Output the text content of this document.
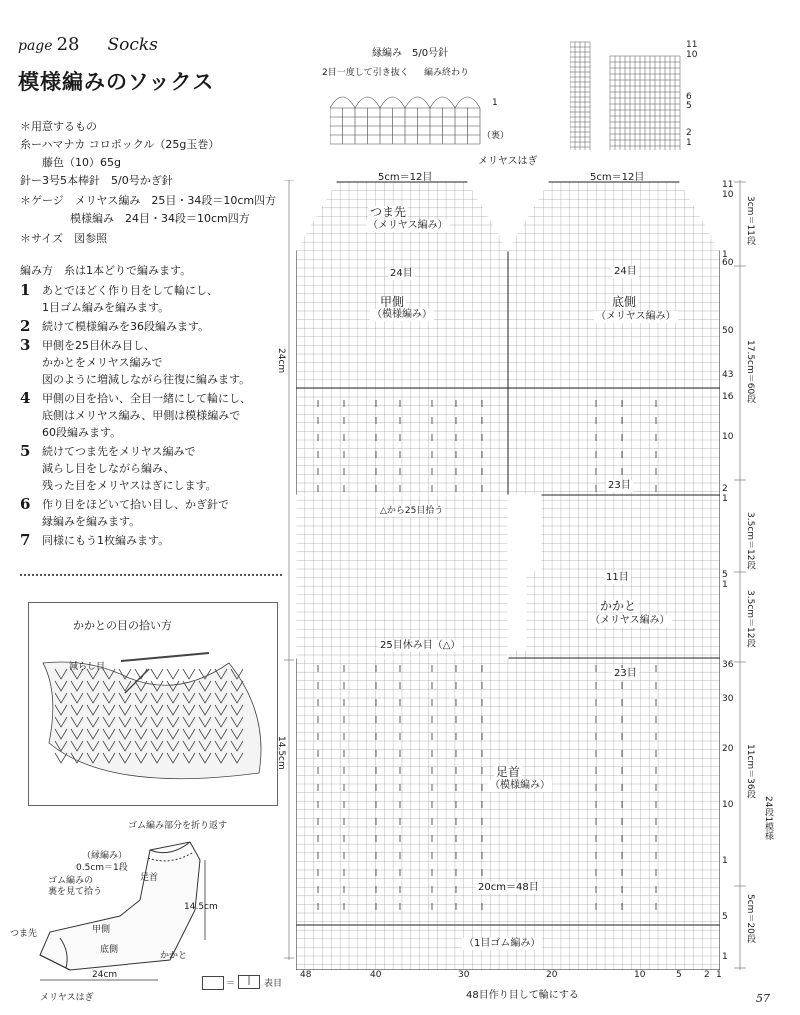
page 28 Socks
模様編みのソックス
＊用意するもの
糸ーハマナカ コロポックル（25g玉巻）
藤色（10）65g
針ー3号5本棒針　5/0号かぎ針
＊ゲージ　メリヤス編み　25目・34段＝10cm四方
模様編み　24目・34段＝10cm四方
＊サイズ　図参照
編み方　糸は1本どりで編みます。
1	あとでほどく作り目をして輪にし、
1目ゴム編みを編みます。
2	続けて模様編みを36段編みます。
3	甲側を25目休み目し、
かかとをメリヤス編みで
図のように増減しながら往復に編みます。
4	甲側の目を拾い、全目一緒にして輪にし、
底側はメリヤス編み、甲側は模様編みで
60段編みます。
5	続けてつま先をメリヤス編みで
減らし目をしながら編み、
残った目をメリヤスはぎにします。
6	作り目をほどいて拾い目し、かぎ針で
縁編みを編みます。
7	同様にもう1枚編みます。
かかとの目の拾い方
減らし目
ゴム編み部分を折り返す
（縁編み）
0.5cm＝1段
ゴム編みの
裏を見て拾う
足首
14.5cm
つま先	甲側
底側
かかと
24cm
メリヤスはぎ
＝	|	表目
縁編み　5/0号針
2目一度して引き抜く 編み終わり
1
（裏）
11
10
6
5
2
1
メリヤスはぎ
5cm＝12目	5cm＝12目
つま先
（メリヤス編み）
24目	24目
甲側
（模様編み）
底側
（メリヤス編み）
23目
△から25目拾う
11目
かかと
（メリヤス編み）
25目休み目（△）
23目
足首
（模様編み）
20cm＝48目
（1目ゴム編み）
48目作り目して輪にする
48	40	30	20	10	5 2 1
11
10
1
60
50
43
16
10
2
1
5
1
36
30
20
10
1
5
1
3cm＝11段
17.5cm＝60段
3.5cm＝12段
3.5cm＝12段
11cm＝36段
24段1模様
5cm＝20段
24cm
14.5cm
57
